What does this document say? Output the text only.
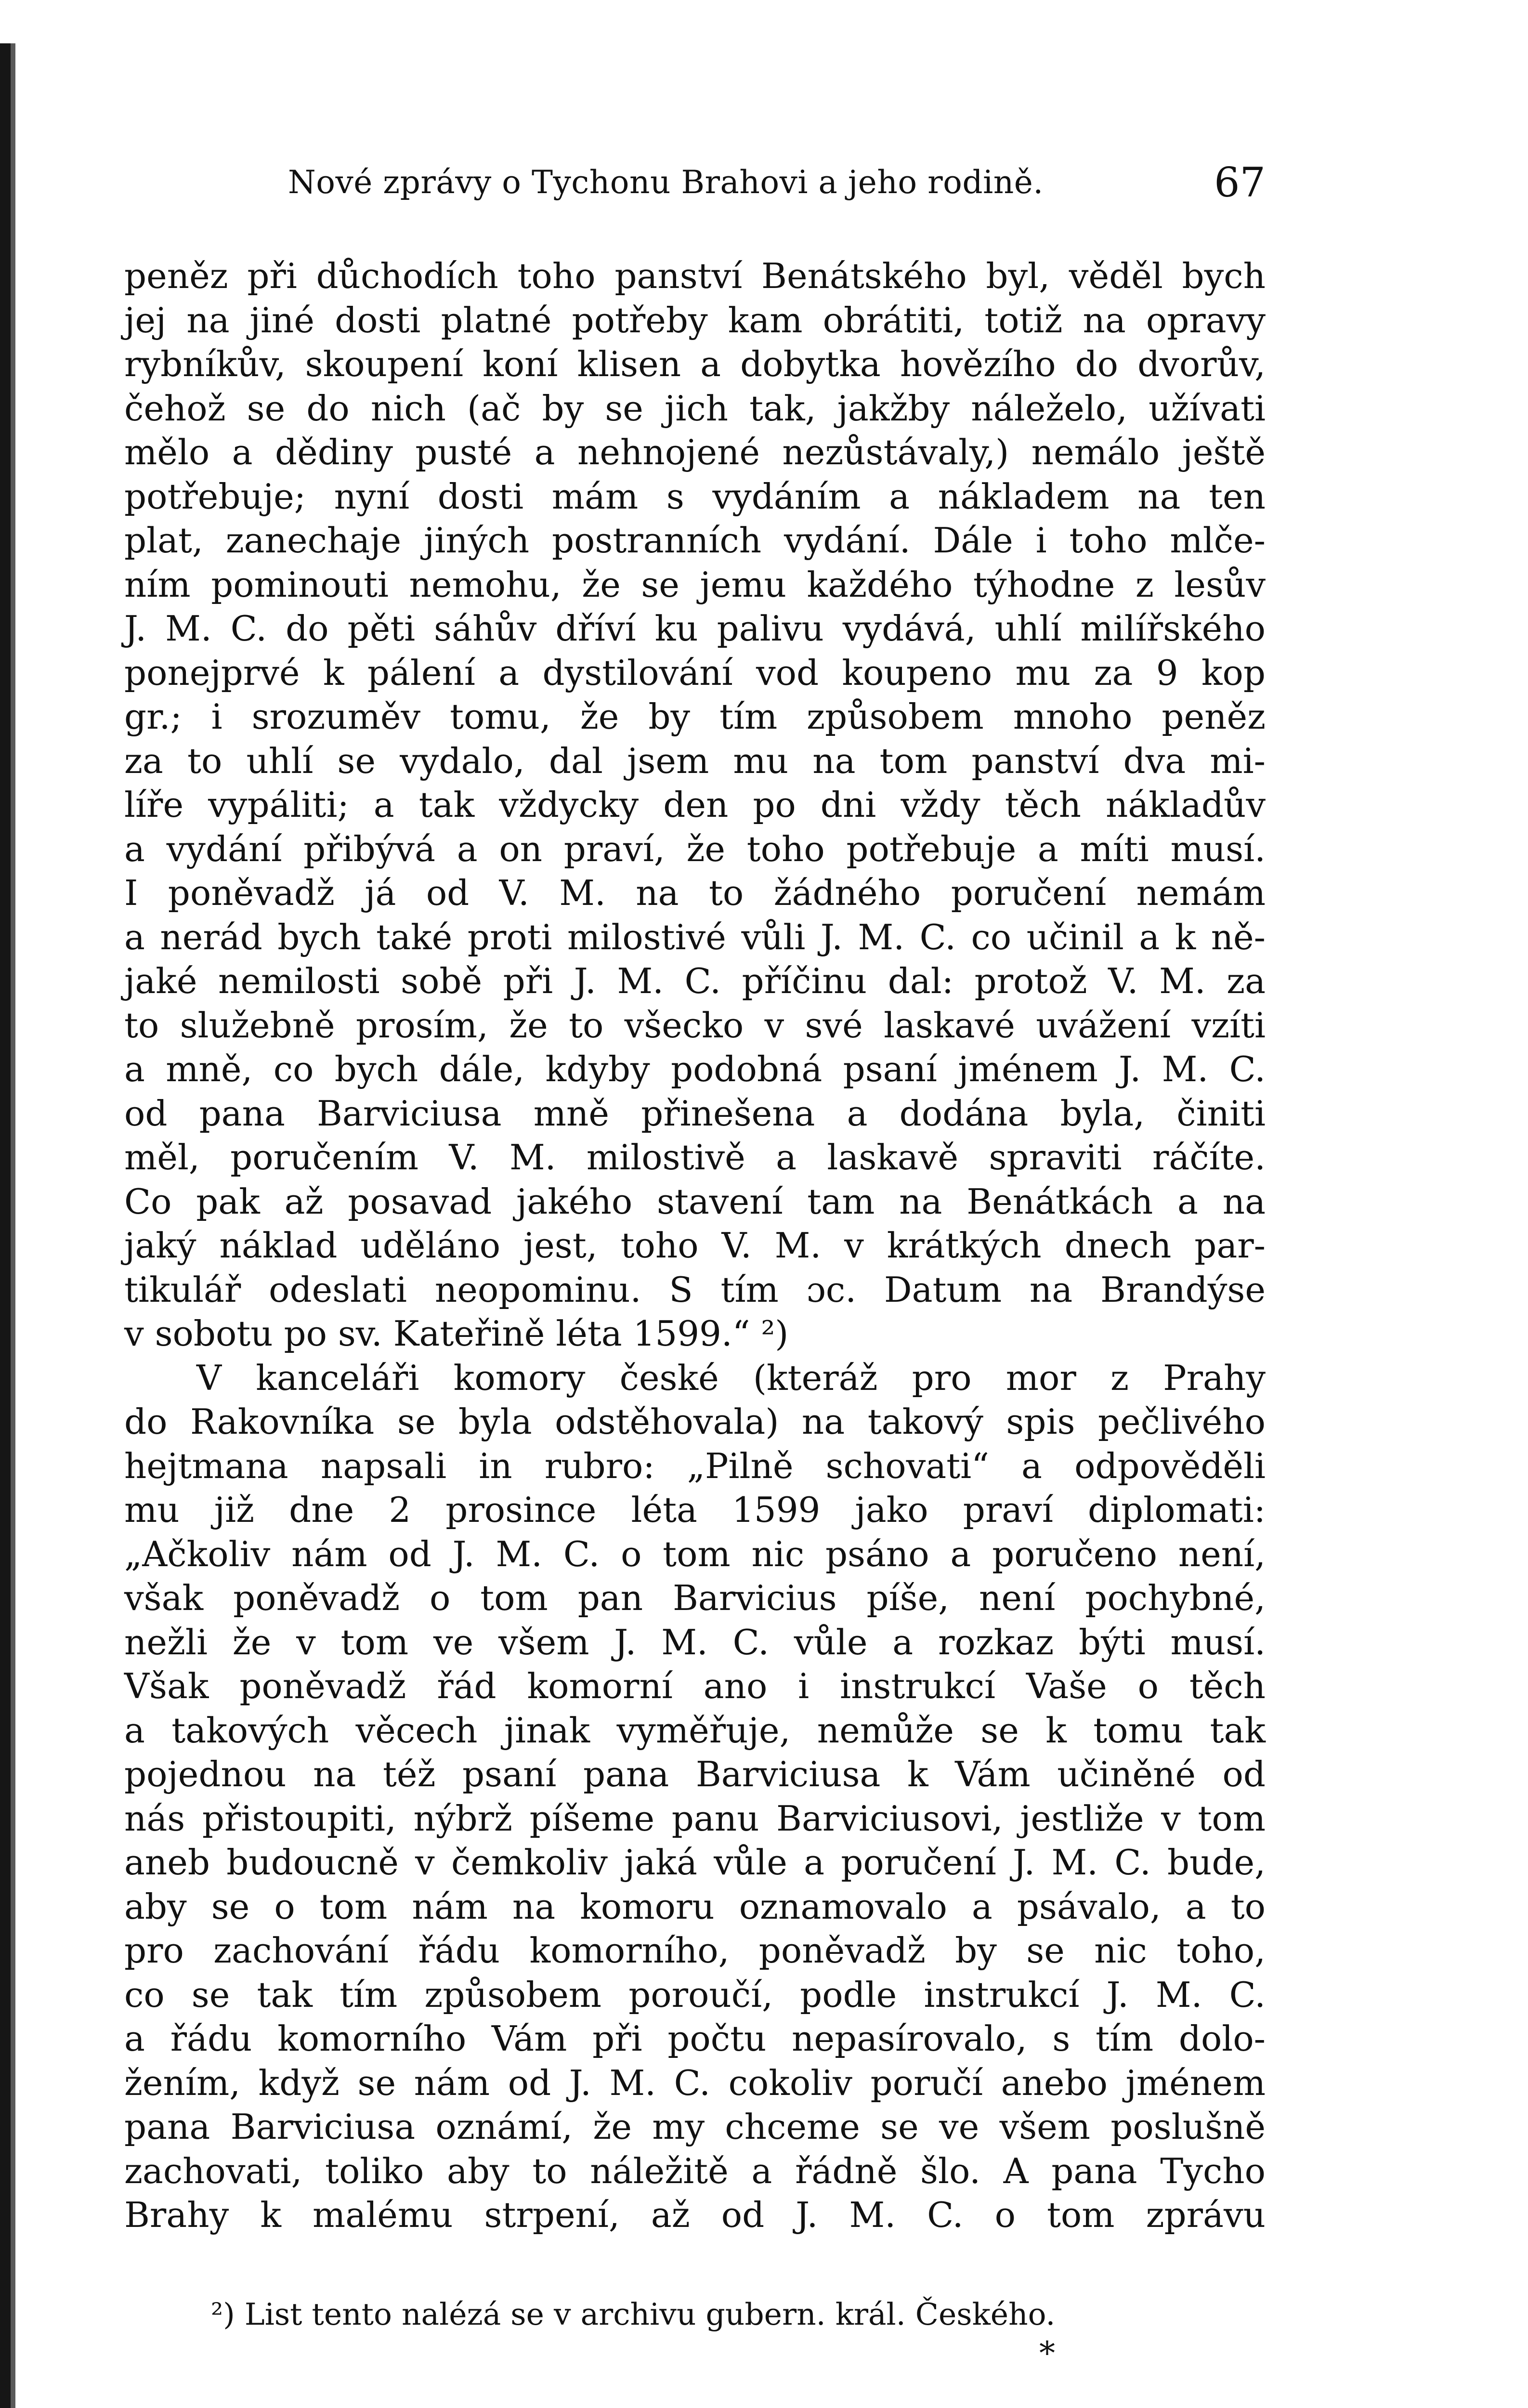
Nové zprávy o Tychonu Brahovi a jeho rodině.	67
peněz při důchodích toho panství Benátského byl, věděl bych
jej na jiné dosti platné potřeby kam obrátiti, totiž na opravy
rybníkův, skoupení koní klisen a dobytka hovězího do dvorův,
čehož se do nich (ač by se jich tak, jakžby náleželo, užívati
mělo a dědiny pusté a nehnojené nezůstávaly,) nemálo ještě
potřebuje; nyní dosti mám s vydáním a nákladem na ten
plat, zanechaje jiných postranních vydání. Dále i toho mlče-
ním pominouti nemohu, že se jemu každého týhodne z lesův
J. M. C. do pěti sáhův dříví ku palivu vydává, uhlí milířského
ponejprvé k pálení a dystilování vod koupeno mu za 9 kop
gr.; i srozuměv tomu, že by tím způsobem mnoho peněz
za to uhlí se vydalo, dal jsem mu na tom panství dva mi-
líře vypáliti; a tak vždycky den po dni vždy těch nákladův
a vydání přibývá a on praví, že toho potřebuje a míti musí.
I poněvadž já od V. M. na to žádného poručení nemám
a nerád bych také proti milostivé vůli J. M. C. co učinil a k ně-
jaké nemilosti sobě při J. M. C. příčinu dal: protož V. M. za
to služebně prosím, že to všecko v své laskavé uvážení vzíti
a mně, co bych dále, kdyby podobná psaní jménem J. M. C.
od pana Barviciusa mně přinešena a dodána byla, činiti
měl, poručením V. M. milostivě a laskavě spraviti ráčíte.
Co pak až posavad jakého stavení tam na Benátkách a na
jaký náklad uděláno jest, toho V. M. v krátkých dnech par-
tikulář odeslati neopominu. S tím ɔc. Datum na Brandýse
v sobotu po sv. Kateřině léta 1599.“ ²)
V kanceláři komory české (kteráž pro mor z Prahy
do Rakovníka se byla odstěhovala) na takový spis pečlivého
hejtmana napsali in rubro: „Pilně schovati“ a odpověděli
mu již dne 2 prosince léta 1599 jako praví diplomati:
„Ačkoliv nám od J. M. C. o tom nic psáno a poručeno není,
však poněvadž o tom pan Barvicius píše, není pochybné,
nežli že v tom ve všem J. M. C. vůle a rozkaz býti musí.
Však poněvadž řád komorní ano i instrukcí Vaše o těch
a takových věcech jinak vyměřuje, nemůže se k tomu tak
pojednou na též psaní pana Barviciusa k Vám učiněné od
nás přistoupiti, nýbrž píšeme panu Barviciusovi, jestliže v tom
aneb budoucně v čemkoliv jaká vůle a poručení J. M. C. bude,
aby se o tom nám na komoru oznamovalo a psávalo, a to
pro zachování řádu komorního, poněvadž by se nic toho,
co se tak tím způsobem poroučí, podle instrukcí J. M. C.
a řádu komorního Vám při počtu nepasírovalo, s tím dolo-
žením, když se nám od J. M. C. cokoliv poručí anebo jménem
pana Barviciusa oznámí, že my chceme se ve všem poslušně
zachovati, toliko aby to náležitě a řádně šlo. A pana Tycho
Brahy k malému strpení, až od J. M. C. o tom zprávu
²) List tento nalézá se v archivu gubern. král. Českého.
*
